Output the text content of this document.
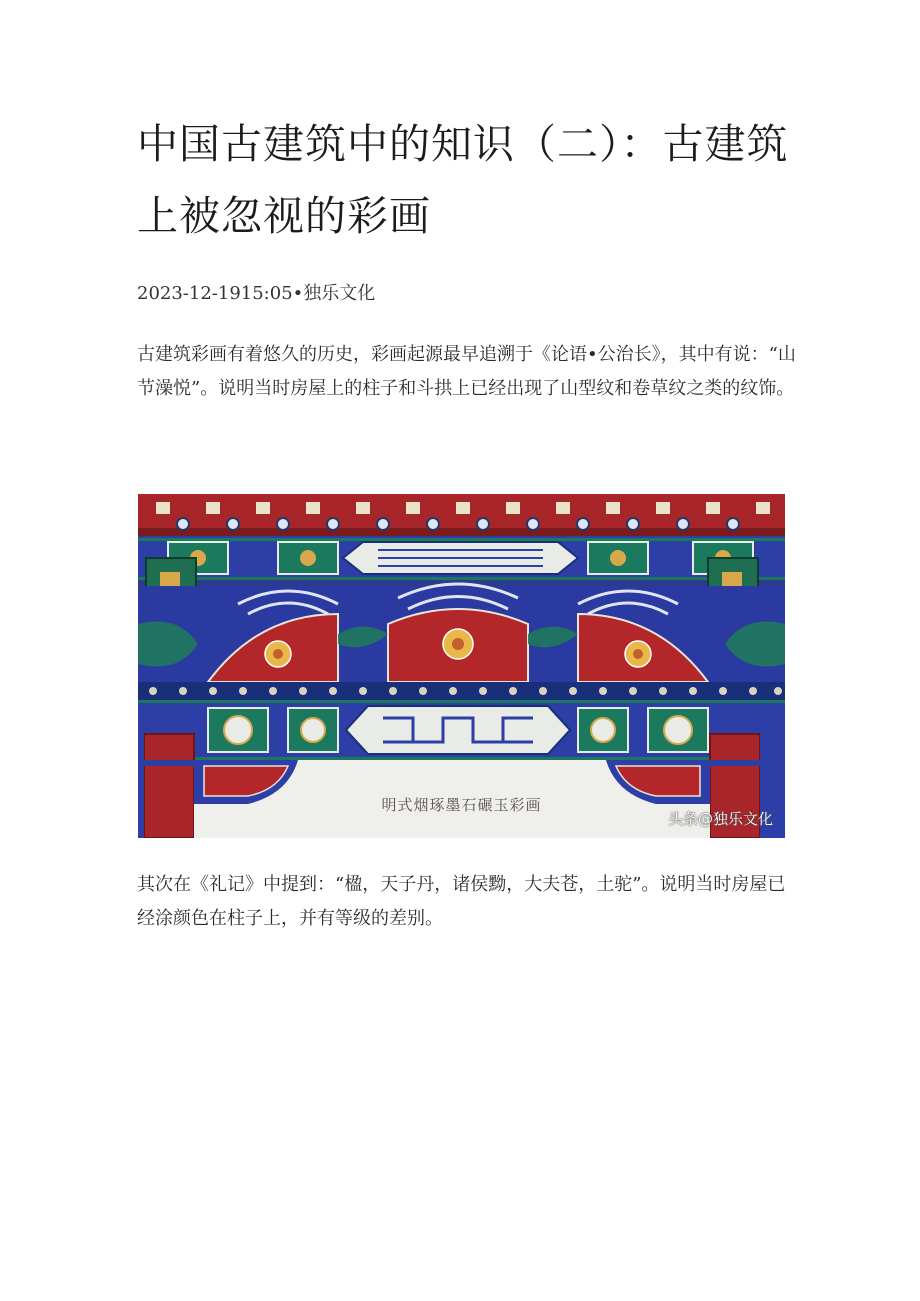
中国古建筑中的知识（二）：古建筑上被忽视的彩画
2023-12-1915:05•独乐文化

古建筑彩画有着悠久的历史，彩画起源最早追溯于《论语•公治长》，其中有说：“山节澡悦”。说明当时房屋上的柱子和斗拱上已经出现了山型纹和卷草纹之类的纹饰。

明式烟琢墨石碾玉彩画
头条@独乐文化

其次在《礼记》中提到：“楹，天子丹，诸侯黝，大夫苍，土驼”。说明当时房屋已经涂颜色在柱子上，并有等级的差别。
